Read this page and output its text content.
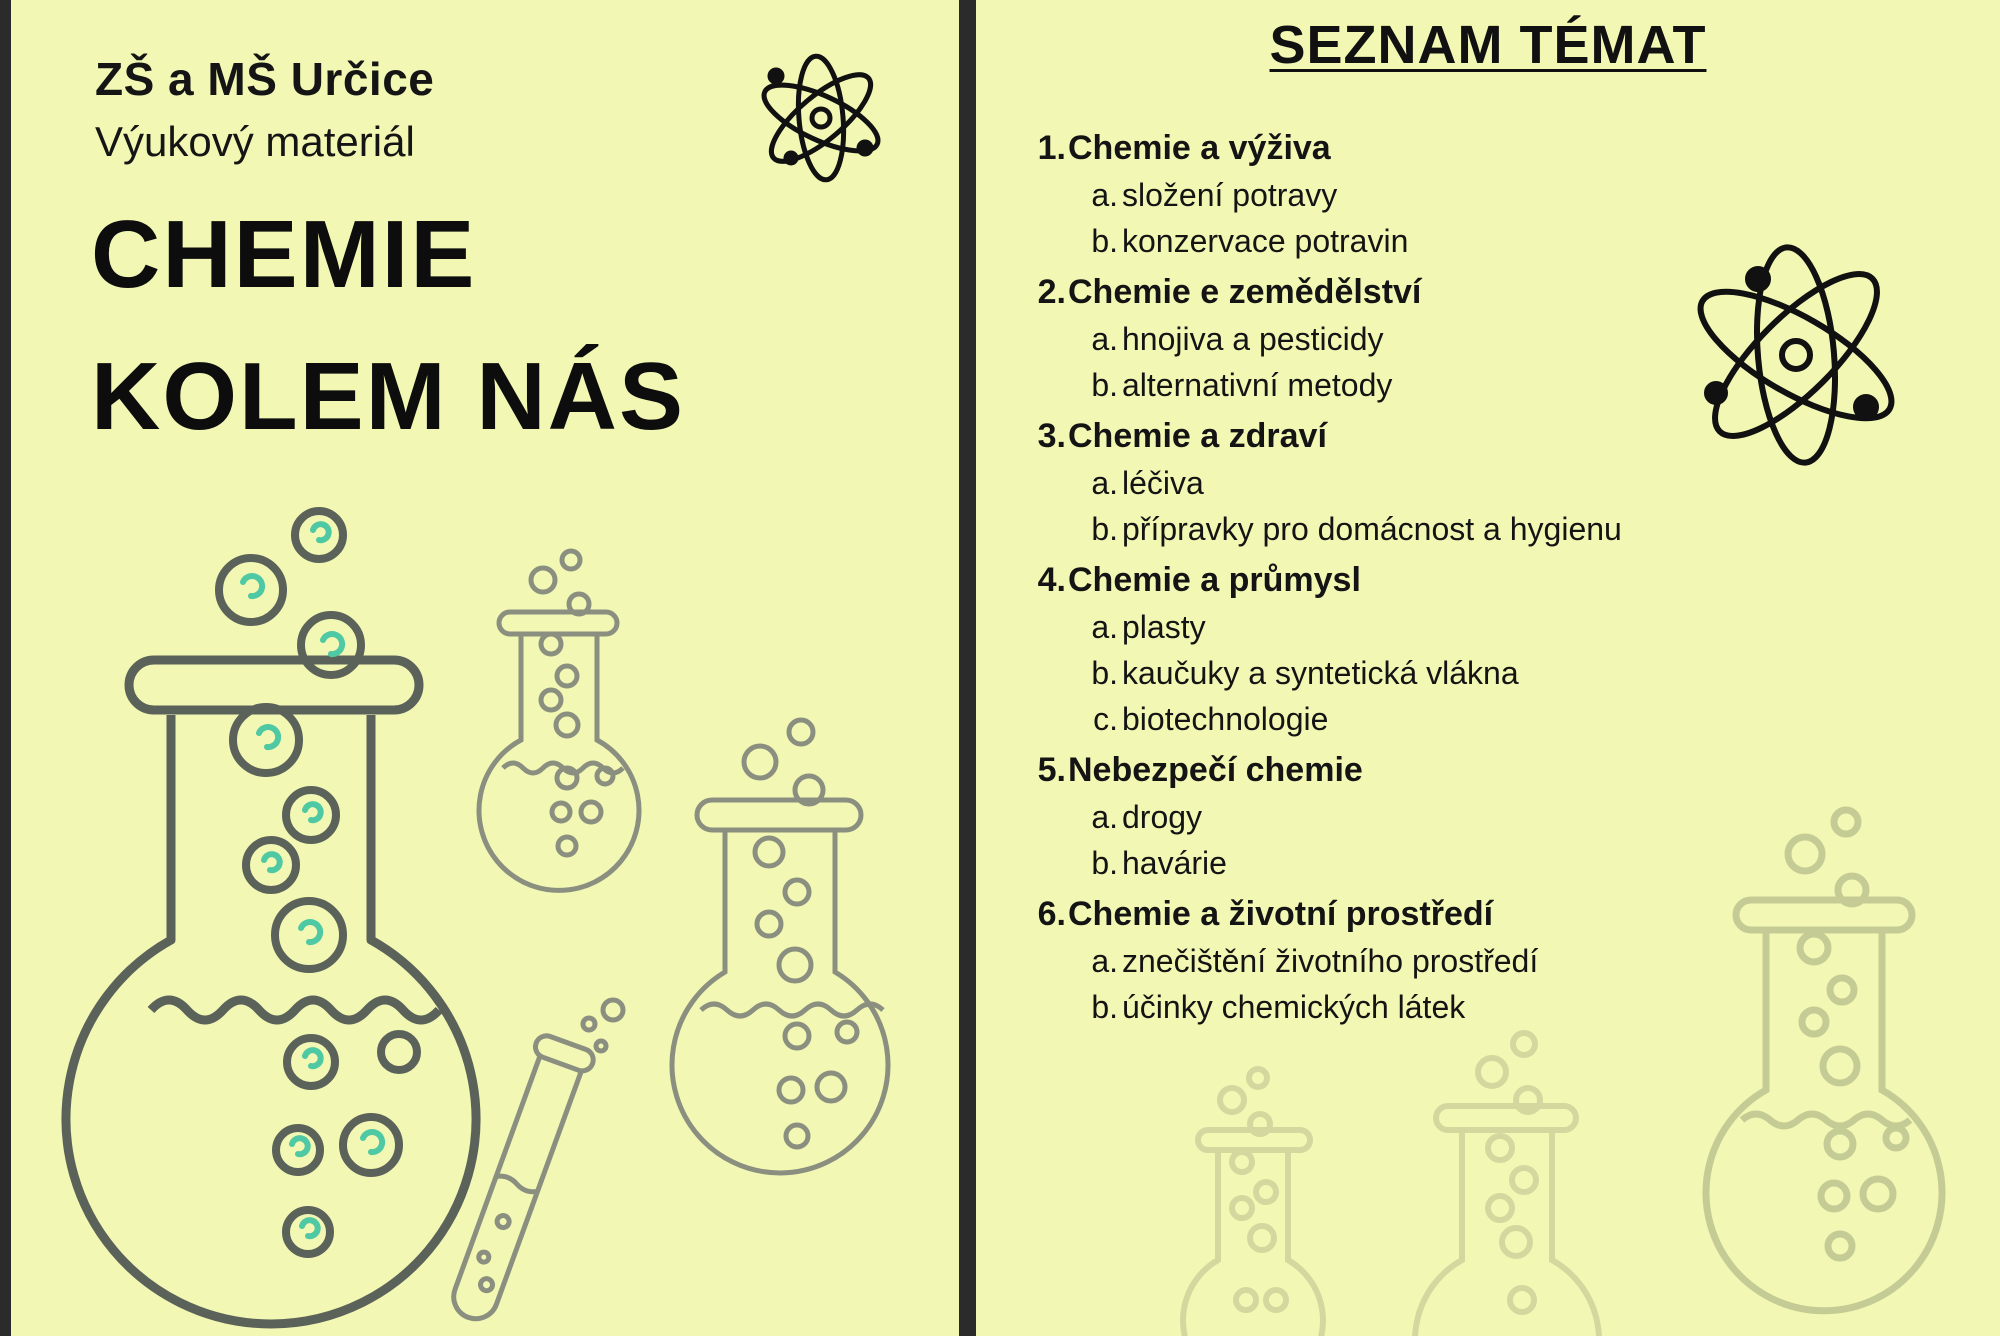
ZŠ a MŠ Určice
Výukový materiál
CHEMIE
KOLEM NÁS
SEZNAM TÉMAT
1. Chemie a výživa
a. složení potravy
b. konzervace potravin
2. Chemie e zemědělství
a. hnojiva a pesticidy
b. alternativní metody
3. Chemie a zdraví
a. léčiva
b. přípravky pro domácnost a hygienu
4. Chemie a průmysl
a. plasty
b. kaučuky a syntetická vlákna
c. biotechnologie
5. Nebezpečí chemie
a. drogy
b. havárie
6. Chemie a životní prostředí
a. znečištění životního prostředí
b. účinky chemických látek
